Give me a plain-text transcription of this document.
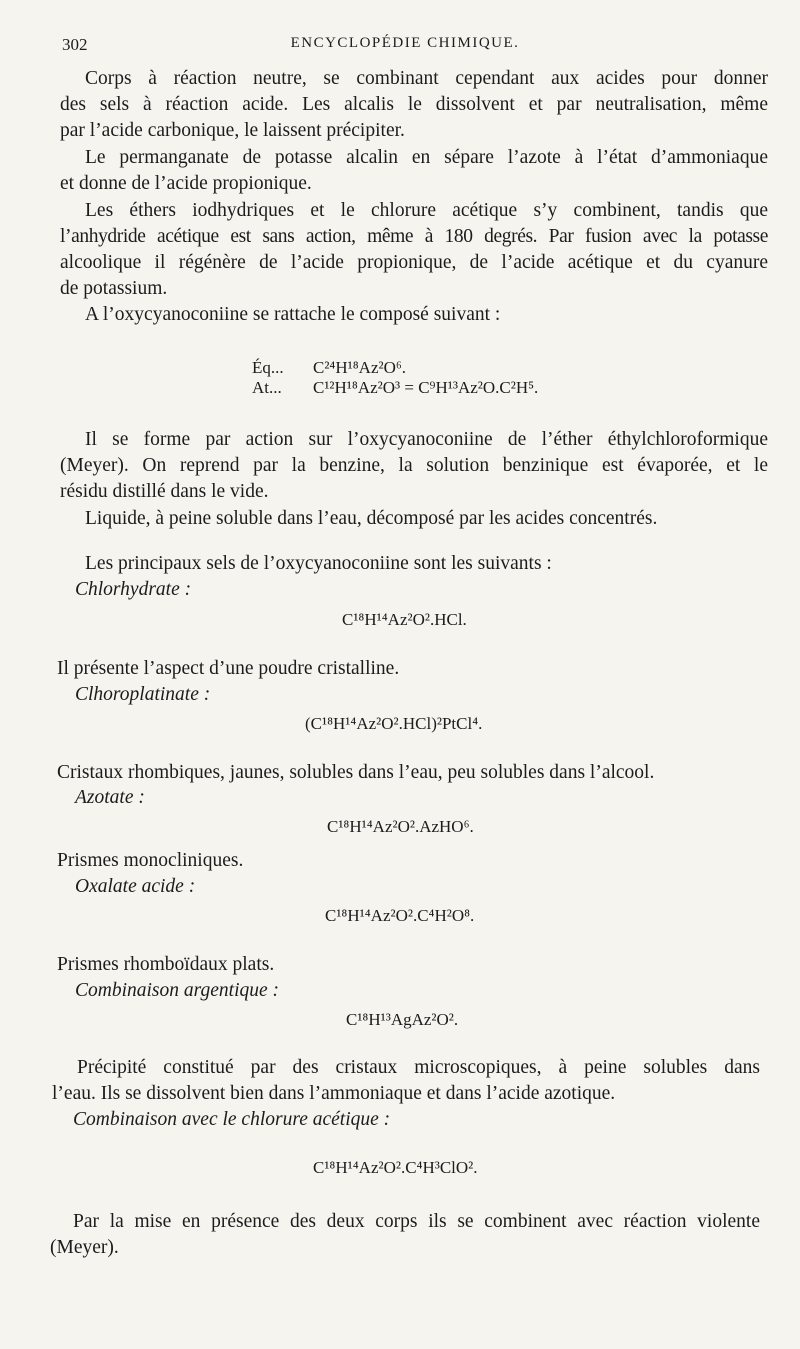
302	ENCYCLOPÉDIE CHIMIQUE.
Corps à réaction neutre, se combinant cependant aux acides pour donner
des sels à réaction acide. Les alcalis le dissolvent et par neutralisation, même
par l’acide carbonique, le laissent précipiter.
Le permanganate de potasse alcalin en sépare l’azote à l’état d’ammoniaque
et donne de l’acide propionique.
Les éthers iodhydriques et le chlorure acétique s’y combinent, tandis que
l’anhydride acétique est sans action, même à 180 degrés. Par fusion avec la potasse
alcoolique il régénère de l’acide propionique, de l’acide acétique et du cyanure
de potassium.
A l’oxycyanoconiine se rattache le composé suivant :
Éq... C²⁴H¹⁸Az²O⁶.
At... C¹²H¹⁸Az²O³ = C⁹H¹³Az²O.C²H⁵.
Il se forme par action sur l’oxycyanoconiine de l’éther éthylchloroformique
(Meyer). On reprend par la benzine, la solution benzinique est évaporée, et le
résidu distillé dans le vide.
Liquide, à peine soluble dans l’eau, décomposé par les acides concentrés.
Les principaux sels de l’oxycyanoconiine sont les suivants :
Chlorhydrate :
C¹⁸H¹⁴Az²O².HCl.
Il présente l’aspect d’une poudre cristalline.
Clhoroplatinate :
(C¹⁸H¹⁴Az²O².HCl)²PtCl⁴.
Cristaux rhombiques, jaunes, solubles dans l’eau, peu solubles dans l’alcool.
Azotate :
C¹⁸H¹⁴Az²O².AzHO⁶.
Prismes monocliniques.
Oxalate acide :
C¹⁸H¹⁴Az²O².C⁴H²O⁸.
Prismes rhomboïdaux plats.
Combinaison argentique :
C¹⁸H¹³AgAz²O².
Précipité constitué par des cristaux microscopiques, à peine solubles dans
l’eau. Ils se dissolvent bien dans l’ammoniaque et dans l’acide azotique.
Combinaison avec le chlorure acétique :
C¹⁸H¹⁴Az²O².C⁴H³ClO².
Par la mise en présence des deux corps ils se combinent avec réaction violente
(Meyer).
